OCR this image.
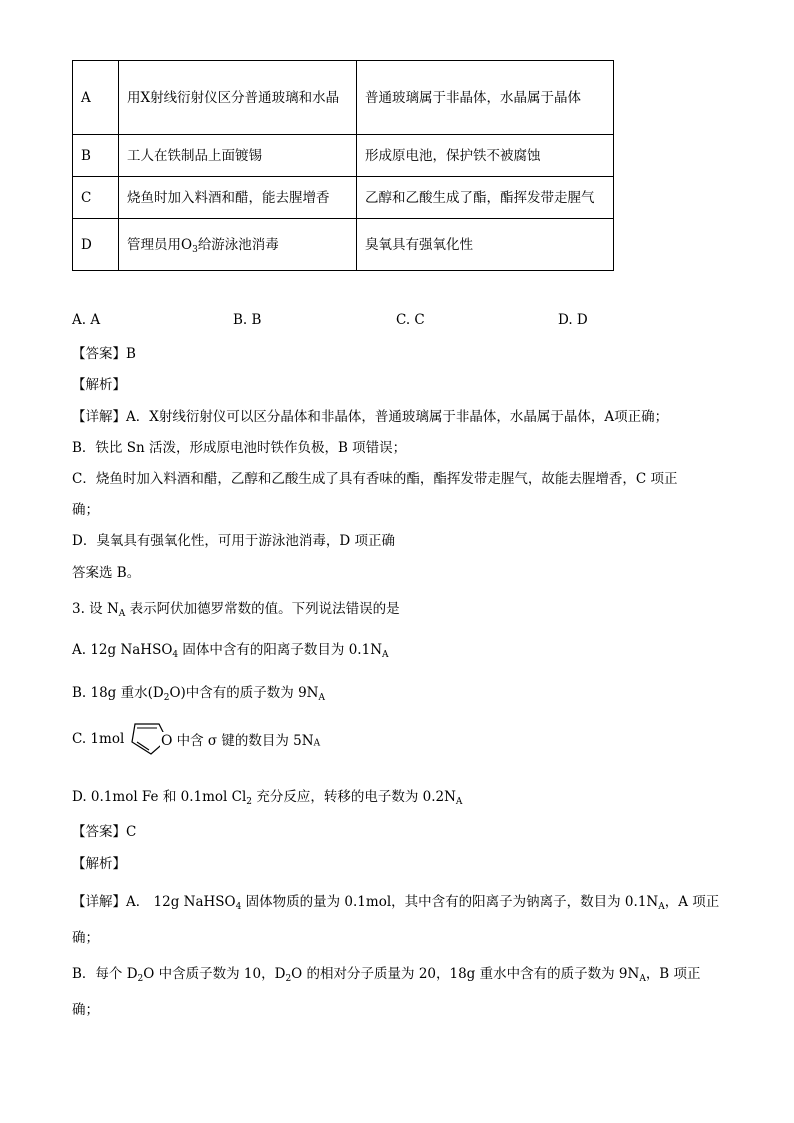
A	用X射线衍射仪区分普通玻璃和水晶	普通玻璃属于非晶体，水晶属于晶体
B	工人在铁制品上面镀锡	形成原电池，保护铁不被腐蚀
C	烧鱼时加入料酒和醋，能去腥增香	乙醇和乙酸生成了酯，酯挥发带走腥气
D	管理员用$O_3$给游泳池消毒	臭氧具有强氧化性
A. A	B. B	C. C	D. D
【答案】B
【解析】
【详解】A．X射线衍射仪可以区分晶体和非晶体，普通玻璃属于非晶体，水晶属于晶体，A项正确；
B．铁比 Sn 活泼，形成原电池时铁作负极，B 项错误；
C．烧鱼时加入料酒和醋，乙醇和乙酸生成了具有香味的酯，酯挥发带走腥气，故能去腥增香，C 项正
确；
D．臭氧具有强氧化性，可用于游泳池消毒，D 项正确
答案选 B。
3. 设 $N_A$ 表示阿伏加德罗常数的值。下列说法错误的是
A. 12g NaHSO$_4$ 固体中含有的阳离子数目为 $0.1N_A$
B. 18g 重水$(D_2O)$中含有的质子数为 $9N_A$
C. 1mol	O 中含 σ 键的数目为 $5N_A$
D. 0.1mol Fe 和 0.1mol $Cl_2$ 充分反应，转移的电子数为 $0.2N_A$
【答案】C
【解析】
【详解】A． 12g NaHSO$_4$ 固体物质的量为 0.1mol，其中含有的阳离子为钠离子，数目为 $0.1N_A$，A 项正
确；
B．每个 $D_2O$ 中含质子数为 10，$D_2O$ 的相对分子质量为 20，18g 重水中含有的质子数为 $9N_A$，B 项正
确；
